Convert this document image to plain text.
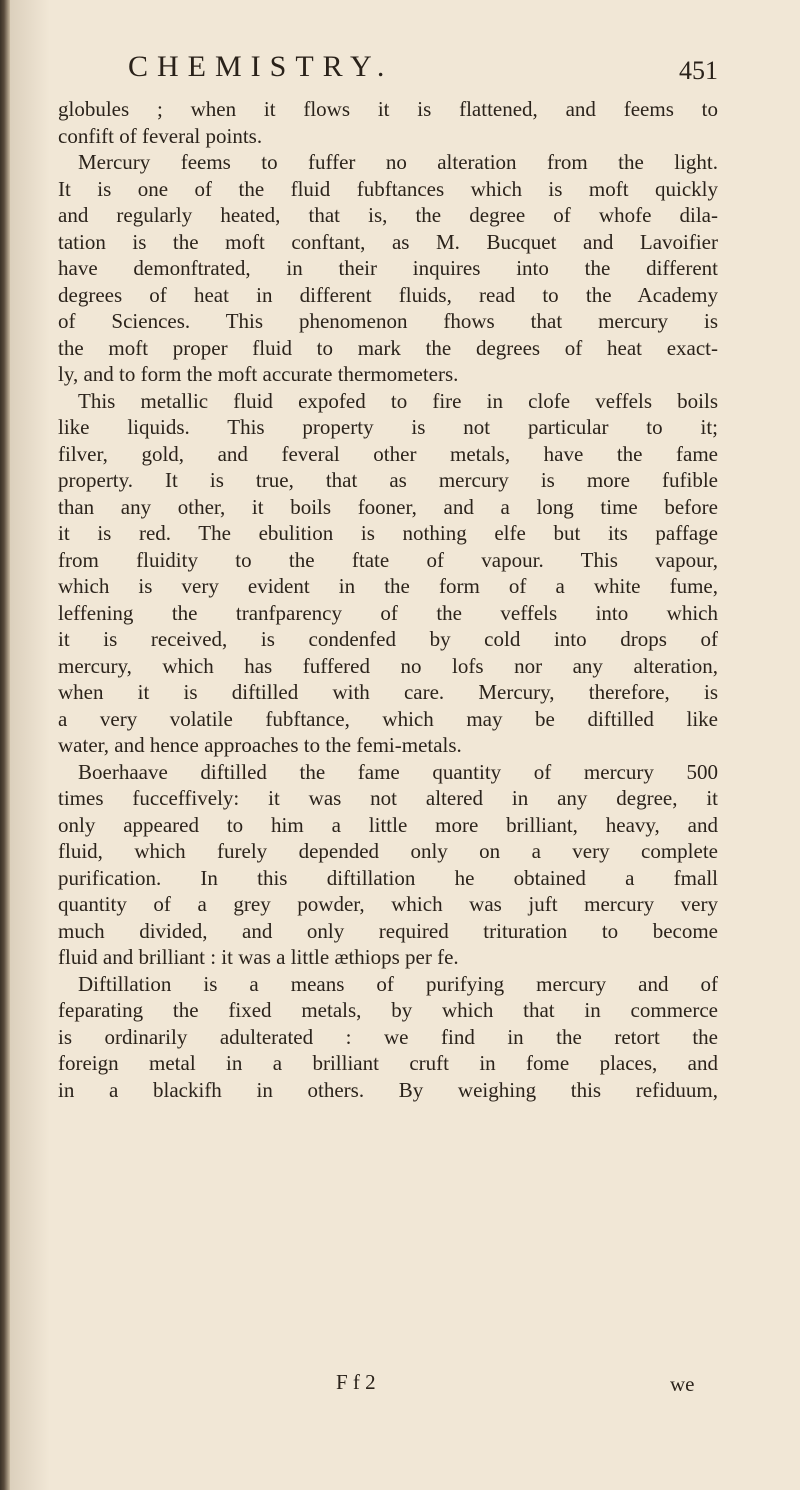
CHEMISTRY.	451
globules ; when it flows it is flattened, and feems to
confift of feveral points.
Mercury feems to fuffer no alteration from the light.
It is one of the fluid fubftances which is moft quickly
and regularly heated, that is, the degree of whofe dila-
tation is the moft conftant, as M. Bucquet and Lavoifier
have demonftrated, in their inquires into the different
degrees of heat in different fluids, read to the Academy
of Sciences. This phenomenon fhows that mercury is
the moft proper fluid to mark the degrees of heat exact-
ly, and to form the moft accurate thermometers.
This metallic fluid expofed to fire in clofe veffels boils
like liquids. This property is not particular to it;
filver, gold, and feveral other metals, have the fame
property. It is true, that as mercury is more fufible
than any other, it boils fooner, and a long time before
it is red. The ebulition is nothing elfe but its paffage
from fluidity to the ftate of vapour. This vapour,
which is very evident in the form of a white fume,
leffening the tranfparency of the veffels into which
it is received, is condenfed by cold into drops of
mercury, which has fuffered no lofs nor any alteration,
when it is diftilled with care. Mercury, therefore, is
a very volatile fubftance, which may be diftilled like
water, and hence approaches to the femi-metals.
Boerhaave diftilled the fame quantity of mercury 500
times fucceffively: it was not altered in any degree, it
only appeared to him a little more brilliant, heavy, and
fluid, which furely depended only on a very complete
purification. In this diftillation he obtained a fmall
quantity of a grey powder, which was juft mercury very
much divided, and only required trituration to become
fluid and brilliant : it was a little æthiops per fe.
Diftillation is a means of purifying mercury and of
feparating the fixed metals, by which that in commerce
is ordinarily adulterated : we find in the retort the
foreign metal in a brilliant cruft in fome places, and
in a blackifh in others. By weighing this refiduum,
F f 2	we
